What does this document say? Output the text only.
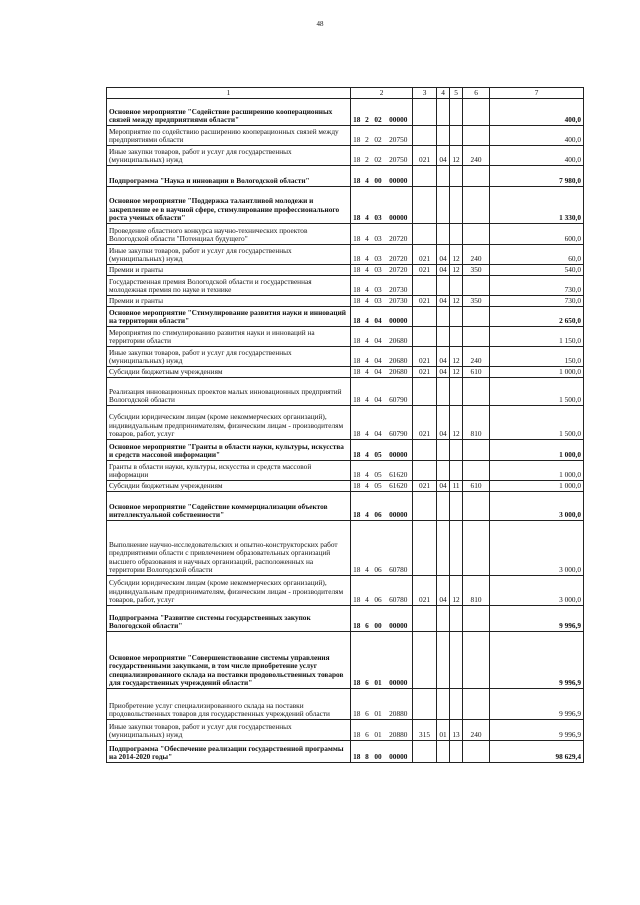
48
1	2				3	4	5	6	7
Основное мероприятие "Содействие расширению кооперационных связей между предприятиями области"	18	2	02	00000					400,0
Мероприятие по содействию расширению кооперационных связей между предприятиями области	18	2	02	20750					400,0
Иные закупки товаров, работ и услуг для государственных (муниципальных) нужд	18	2	02	20750	021	04	12	240	400,0
Подпрограмма "Наука и инновации в Вологодской области"	18	4	00	00000					7 980,0
Основное мероприятие "Поддержка талантливой молодежи и закрепление ее в научной сфере, стимулирование профессионального роста ученых области"	18	4	03	00000					1 330,0
Проведение областного конкурса научно-технических проектов Вологодской области "Потенциал будущего"	18	4	03	20720					600,0
Иные закупки товаров, работ и услуг для государственных (муниципальных) нужд	18	4	03	20720	021	04	12	240	60,0
Премии и гранты	18	4	03	20720	021	04	12	350	540,0
Государственная премия Вологодской области и государственная молодежная премия по науке и технике	18	4	03	20730					730,0
Премии и гранты	18	4	03	20730	021	04	12	350	730,0
Основное мероприятие "Стимулирование развития науки и инноваций на территории области"	18	4	04	00000					2 650,0
Мероприятия по стимулированию развития науки и инноваций на территории области	18	4	04	20680					1 150,0
Иные закупки товаров, работ и услуг для государственных (муниципальных) нужд	18	4	04	20680	021	04	12	240	150,0
Субсидии бюджетным учреждениям	18	4	04	20680	021	04	12	610	1 000,0
Реализация инновационных проектов малых инновационных предприятий Вологодской области	18	4	04	60790					1 500,0
Субсидии юридическим лицам (кроме некоммерческих организаций), индивидуальным предпринимателям, физическим лицам - производителям товаров, работ, услуг	18	4	04	60790	021	04	12	810	1 500,0
Основное мероприятие "Гранты в области науки, культуры, искусства и средств массовой информации"	18	4	05	00000					1 000,0
Гранты в области науки, культуры, искусства и средств массовой информации	18	4	05	61620					1 000,0
Субсидии бюджетным учреждениям	18	4	05	61620	021	04	11	610	1 000,0
Основное мероприятие "Содействие коммерциализации объектов интеллектуальной собственности"	18	4	06	00000					3 000,0
Выполнение научно-исследовательских и опытно-конструкторских работ предприятиями области с привлечением образовательных организаций высшего образования и научных организаций, расположенных на территории Вологодской области	18	4	06	60780					3 000,0
Субсидии юридическим лицам (кроме некоммерческих организаций), индивидуальным предпринимателям, физическим лицам - производителям товаров, работ, услуг	18	4	06	60780	021	04	12	810	3 000,0
Подпрограмма "Развитие системы государственных закупок Вологодской области"	18	6	00	00000					9 996,9
Основное мероприятие "Совершенствование системы управления государственными закупками, в том числе приобретение услуг специализированного склада на поставки продовольственных товаров для государственных учреждений области"	18	6	01	00000					9 996,9
Приобретение услуг специализированного склада на поставки продовольственных товаров для государственных учреждений области	18	6	01	20880					9 996,9
Иные закупки товаров, работ и услуг для государственных (муниципальных) нужд	18	6	01	20880	315	01	13	240	9 996,9
Подпрограмма "Обеспечение реализации государственной программы на 2014-2020 годы"	18	8	00	00000					98 629,4
